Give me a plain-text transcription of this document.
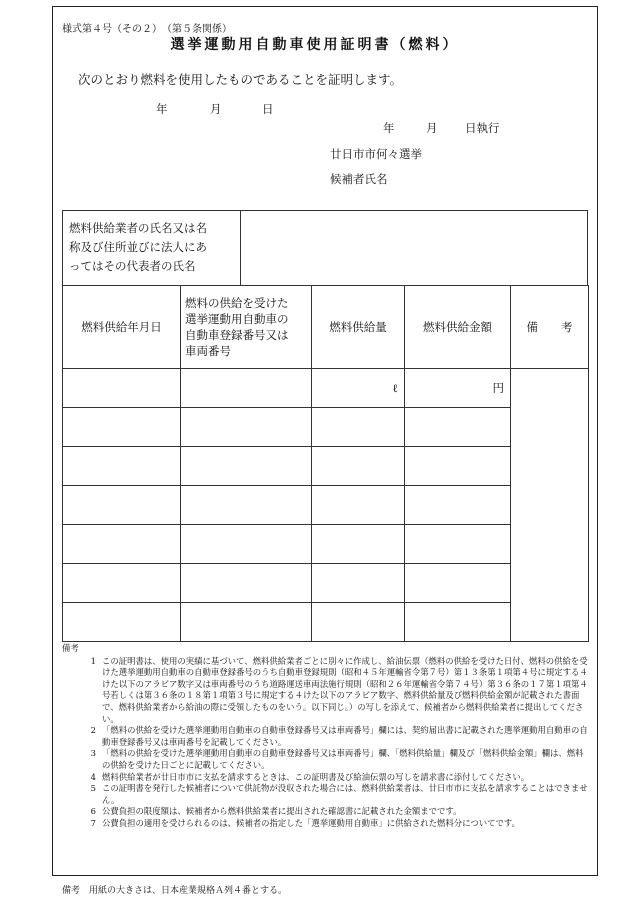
様式第４号（その２）　（第５条関係）
選挙運動用自動車使用証明書（燃料）
次のとおり燃料を使用したものであることを証明します。
年	月	日
年	月 日執行
廿日市市何々選挙
候補者氏名
燃料供給業者の氏名又は名
称及び住所並びに法人にあ
ってはその代表者の氏名
燃料供給年月日	燃料の供給を受けた
選挙運動用自動車の
自動車登録番号又は
車両番号	燃料供給量	燃料供給金額	備　　考
		ℓ	円	

備考
1 この証明書は、使用の実績に基づいて、燃料供給業者ごとに別々に作成し、給油伝票（燃料の供給を受けた日付、燃料の供給を受けた選挙運動用自動車の自動車登録番号のうち自動車登録規則（昭和４５年運輸省令第７号）第１３条第１項第４号に規定する４けた以下のアラビア数字又は車両番号のうち道路運送車両法施行規則（昭和２６年運輸省令第７４号）第３６条の１７第１項第４号若しくは第３６条の１８第１項第３号に規定する４けた以下のアラビア数字、燃料供給量及び燃料供給金額が記載された書面で、燃料供給業者から給油の際に受領したものをいう。以下同じ。）の写しを添えて、候補者から燃料供給業者に提出してください。
2 「燃料の供給を受けた選挙運動用自動車の自動車登録番号又は車両番号」欄には、契約届出書に記載された選挙運動用自動車の自動車登録番号又は車両番号を記載してください。
3 「燃料の供給を受けた選挙運動用自動車の自動車登録番号又は車両番号」欄、「燃料供給量」欄及び「燃料供給金額」欄は、燃料の供給を受けた日ごとに記載してください。
4 燃料供給業者が廿日市市に支払を請求するときは、この証明書及び給油伝票の写しを請求書に添付してください。
5 この証明書を発行した候補者について供託物が没収された場合には、燃料供給業者は、廿日市市に支払を請求することはできません。
6 公費負担の限度額は、候補者から燃料供給業者に提出された確認書に記載された金額までです。
7 公費負担の適用を受けられるのは、候補者の指定した「選挙運動用自動車」に供給された燃料分についてです。
備考　用紙の大きさは、日本産業規格Ａ列４番とする。
